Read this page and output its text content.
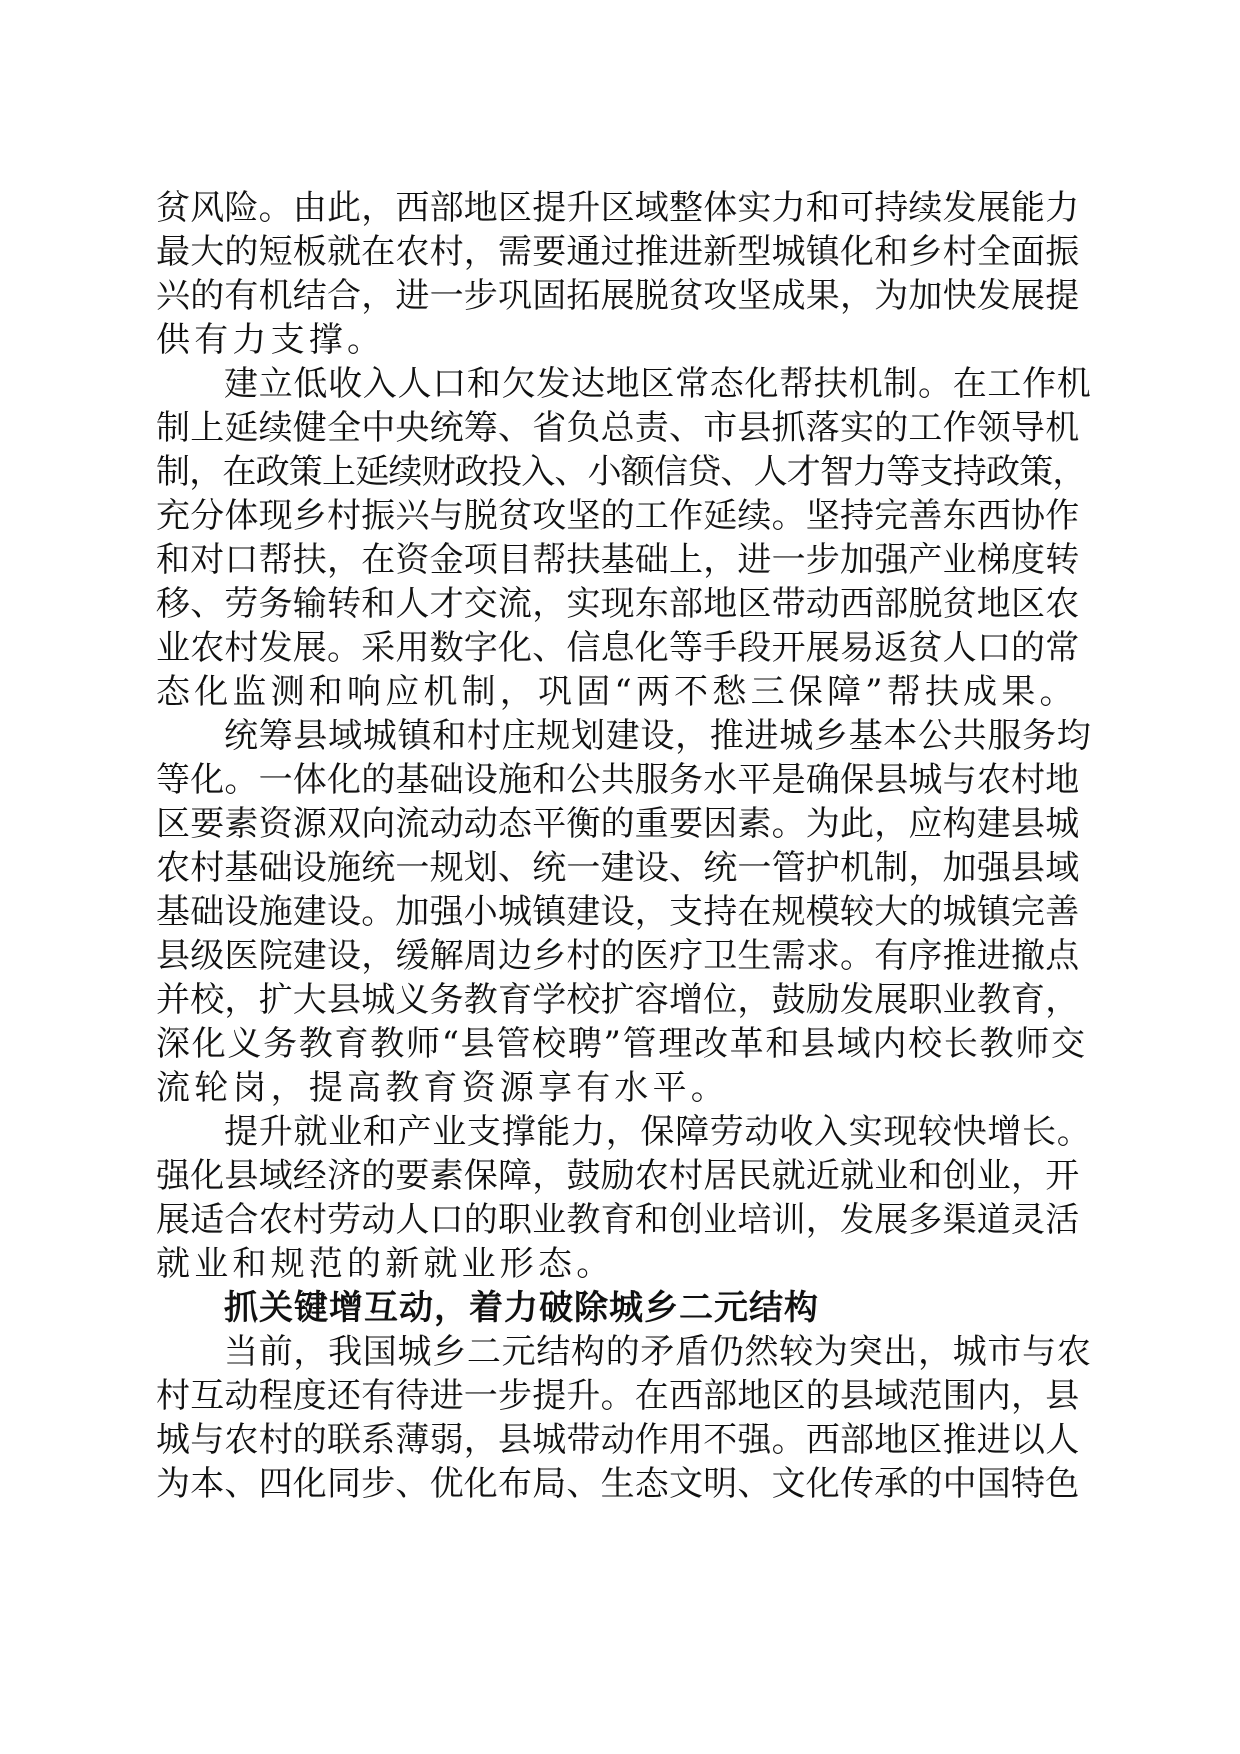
贫风险。由此，西部地区提升区域整体实力和可持续发展能力
最大的短板就在农村，需要通过推进新型城镇化和乡村全面振
兴的有机结合，进一步巩固拓展脱贫攻坚成果，为加快发展提
供有力支撑。
建立低收入人口和欠发达地区常态化帮扶机制。在工作机
制上延续健全中央统筹、省负总责、市县抓落实的工作领导机
制，在政策上延续财政投入、小额信贷、人才智力等支持政策，
充分体现乡村振兴与脱贫攻坚的工作延续。坚持完善东西协作
和对口帮扶，在资金项目帮扶基础上，进一步加强产业梯度转
移、劳务输转和人才交流，实现东部地区带动西部脱贫地区农
业农村发展。采用数字化、信息化等手段开展易返贫人口的常
态化监测和响应机制，巩固“两不愁三保障”帮扶成果。
统筹县域城镇和村庄规划建设，推进城乡基本公共服务均
等化。一体化的基础设施和公共服务水平是确保县城与农村地
区要素资源双向流动动态平衡的重要因素。为此，应构建县城
农村基础设施统一规划、统一建设、统一管护机制，加强县域
基础设施建设。加强小城镇建设，支持在规模较大的城镇完善
县级医院建设，缓解周边乡村的医疗卫生需求。有序推进撤点
并校，扩大县城义务教育学校扩容增位，鼓励发展职业教育，
深化义务教育教师“县管校聘”管理改革和县域内校长教师交
流轮岗，提高教育资源享有水平。
提升就业和产业支撑能力，保障劳动收入实现较快增长。
强化县域经济的要素保障，鼓励农村居民就近就业和创业，开
展适合农村劳动人口的职业教育和创业培训，发展多渠道灵活
就业和规范的新就业形态。
抓关键增互动，着力破除城乡二元结构
当前，我国城乡二元结构的矛盾仍然较为突出，城市与农
村互动程度还有待进一步提升。在西部地区的县域范围内，县
城与农村的联系薄弱，县城带动作用不强。西部地区推进以人
为本、四化同步、优化布局、生态文明、文化传承的中国特色
